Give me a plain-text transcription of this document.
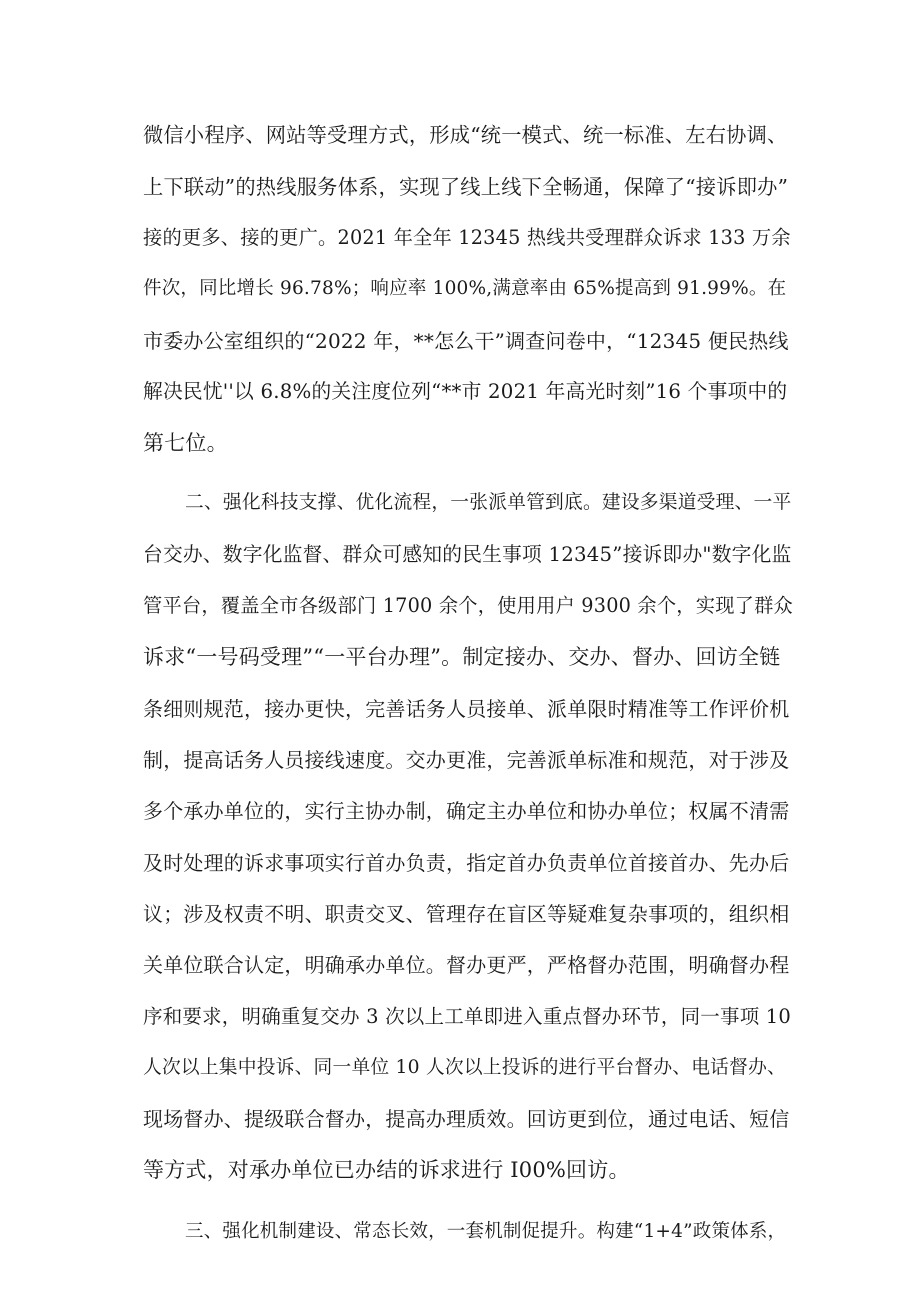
微信小程序、网站等受理方式，形成“统一模式、统一标准、左右协调、

上下联动”的热线服务体系，实现了线上线下全畅通，保障了“接诉即办”

接的更多、接的更广。2021 年全年 12345 热线共受理群众诉求 133 万余

件次，同比增长 96.78%；响应率 100%,满意率由 65%提高到 91.99%。在

市委办公室组织的“2022 年，**怎么干”调查问卷中，“12345 便民热线

解决民忧''以 6.8%的关注度位列“**市 2021 年高光时刻”16 个事项中的

第七位。

二、强化科技支撑、优化流程，一张派单管到底。建设多渠道受理、一平

台交办、数字化监督、群众可感知的民生事项 12345”接诉即办"数字化监

管平台，覆盖全市各级部门 1700 余个，使用用户 9300 余个，实现了群众

诉求“一号码受理”“一平台办理”。制定接办、交办、督办、回访全链

条细则规范，接办更快，完善话务人员接单、派单限时精准等工作评价机

制，提高话务人员接线速度。交办更准，完善派单标准和规范，对于涉及

多个承办单位的，实行主协办制，确定主办单位和协办单位；权属不清需

及时处理的诉求事项实行首办负责，指定首办负责单位首接首办、先办后

议；涉及权责不明、职责交叉、管理存在盲区等疑难复杂事项的，组织相

关单位联合认定，明确承办单位。督办更严，严格督办范围，明确督办程

序和要求，明确重复交办 3 次以上工单即进入重点督办环节，同一事项 10

人次以上集中投诉、同一单位 10 人次以上投诉的进行平台督办、电话督办、

现场督办、提级联合督办，提高办理质效。回访更到位，通过电话、短信

等方式，对承办单位已办结的诉求进行 I00%回访。

三、强化机制建设、常态长效，一套机制促提升。构建“1+4”政策体系，
